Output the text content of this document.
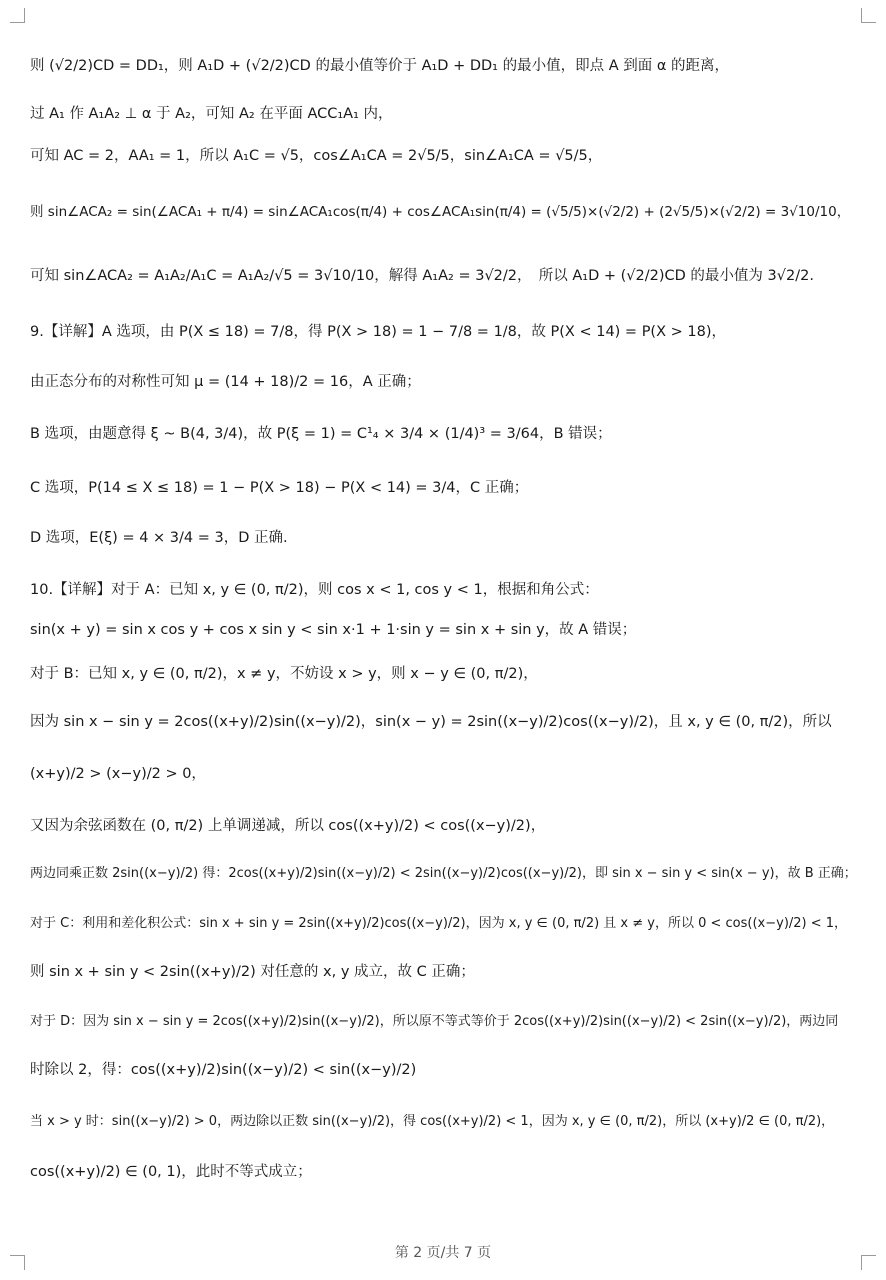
则 (√2/2)CD = DD₁，则 A₁D + (√2/2)CD 的最小值等价于 A₁D + DD₁ 的最小值，即点 A 到面 α 的距离，
过 A₁ 作 A₁A₂ ⊥ α 于 A₂，可知 A₂ 在平面 ACC₁A₁ 内，
可知 AC = 2，AA₁ = 1，所以 A₁C = √5，cos∠A₁CA = 2√5/5，sin∠A₁CA = √5/5，
则 sin∠ACA₂ = sin(∠ACA₁ + π/4) = sin∠ACA₁cos(π/4) + cos∠ACA₁sin(π/4) = (√5/5)×(√2/2) + (2√5/5)×(√2/2) = 3√10/10，
可知 sin∠ACA₂ = A₁A₂/A₁C = A₁A₂/√5 = 3√10/10，解得 A₁A₂ = 3√2/2，　所以 A₁D + (√2/2)CD 的最小值为 3√2/2.
9.【详解】A 选项，由 P(X ≤ 18) = 7/8，得 P(X > 18) = 1 − 7/8 = 1/8，故 P(X < 14) = P(X > 18)，
由正态分布的对称性可知 μ = (14 + 18)/2 = 16，A 正确；
B 选项，由题意得 ξ ~ B(4, 3/4)，故 P(ξ = 1) = C¹₄ × 3/4 × (1/4)³ = 3/64，B 错误；
C 选项，P(14 ≤ X ≤ 18) = 1 − P(X > 18) − P(X < 14) = 3/4，C 正确；
D 选项，E(ξ) = 4 × 3/4 = 3，D 正确.
10.【详解】对于 A：已知 x, y ∈ (0, π/2)，则 cos x < 1, cos y < 1，根据和角公式：
sin(x + y) = sin x cos y + cos x sin y < sin x·1 + 1·sin y = sin x + sin y，故 A 错误；
对于 B：已知 x, y ∈ (0, π/2)，x ≠ y，不妨设 x > y，则 x − y ∈ (0, π/2)，
因为 sin x − sin y = 2cos((x+y)/2)sin((x−y)/2)，sin(x − y) = 2sin((x−y)/2)cos((x−y)/2)，且 x, y ∈ (0, π/2)，所以
(x+y)/2 > (x−y)/2 > 0，
又因为余弦函数在 (0, π/2) 上单调递减，所以 cos((x+y)/2) < cos((x−y)/2)，
两边同乘正数 2sin((x−y)/2) 得：2cos((x+y)/2)sin((x−y)/2) < 2sin((x−y)/2)cos((x−y)/2)，即 sin x − sin y < sin(x − y)，故 B 正确；
对于 C：利用和差化积公式：sin x + sin y = 2sin((x+y)/2)cos((x−y)/2)，因为 x, y ∈ (0, π/2) 且 x ≠ y，所以 0 < cos((x−y)/2) < 1，
则 sin x + sin y < 2sin((x+y)/2) 对任意的 x, y 成立，故 C 正确；
对于 D：因为 sin x − sin y = 2cos((x+y)/2)sin((x−y)/2)，所以原不等式等价于 2cos((x+y)/2)sin((x−y)/2) < 2sin((x−y)/2)，两边同
时除以 2，得：cos((x+y)/2)sin((x−y)/2) < sin((x−y)/2)
当 x > y 时：sin((x−y)/2) > 0，两边除以正数 sin((x−y)/2)，得 cos((x+y)/2) < 1，因为 x, y ∈ (0, π/2)，所以 (x+y)/2 ∈ (0, π/2)，
cos((x+y)/2) ∈ (0, 1)，此时不等式成立；
第 2 页/共 7 页
